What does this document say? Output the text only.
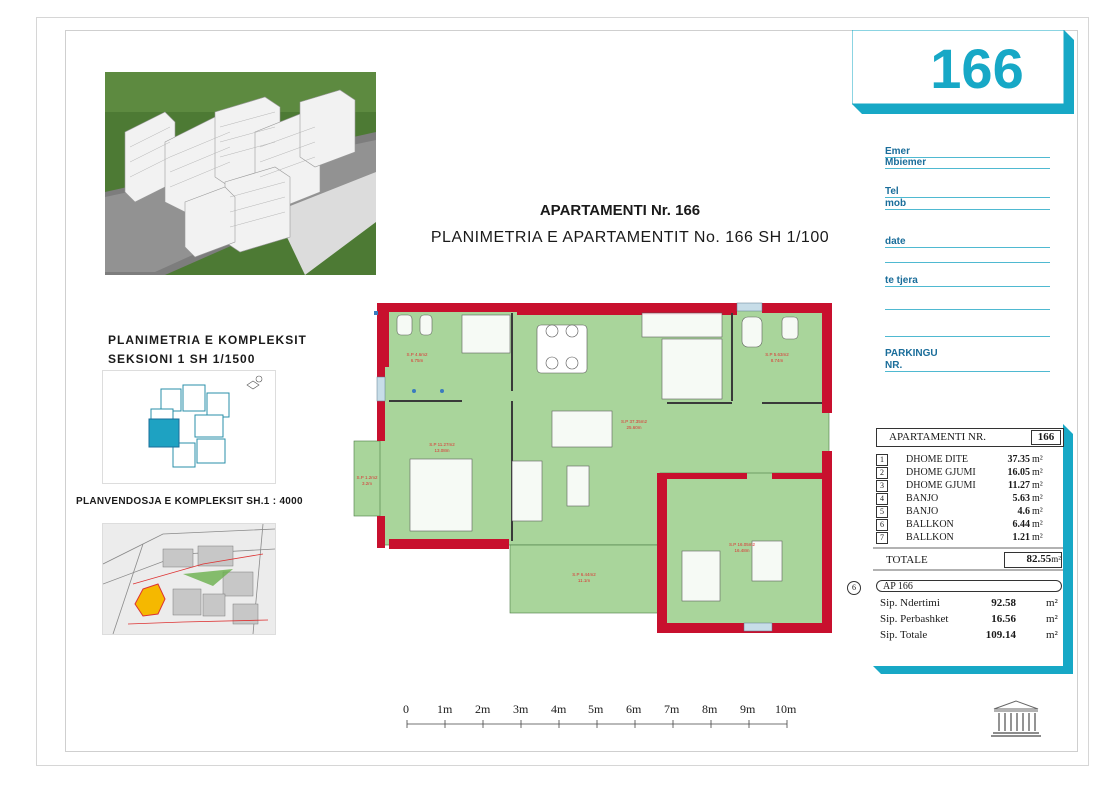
APARTAMENTI Nr. 166
PLANIMETRIA E APARTAMENTIT No. 166 SH 1/100
PLANIMETRIA E KOMPLEKSIT
SEKSIONI 1 SH 1/1500
PLANVENDOSJA E KOMPLEKSIT SH.1 : 4000
166
Emer
Mbiemer
Tel
mob
date
te tjera
PARKINGU
NR.
S.P 4.6m2
6.75m
S.P 37.35m2
25.60m
S.P 5.63m2
8.74m
S.P 11.27m2
13.08m
S.P 1.2m2
3.2m
S.P 16.05m2
16.48m
S.P 6.44m2
11.1m
APARTAMENTI NR.	166
1	DHOME DITE	37.35 m²
2	DHOME GJUMI	16.05 m²
3	DHOME GJUMI	11.27 m²
4	BANJO	5.63 m²
5	BANJO	4.6 m²
6	BALLKON	6.44 m²
7	BALLKON	1.21 m²
TOTALE	82.55m²
6	AP 166
Sip. Ndertimi	92.58	m²
Sip. Perbashket	16.56	m²
Sip. Totale	109.14	m²
0 1m 2m 3m 4m 5m 6m 7m 8m 9m 10m
